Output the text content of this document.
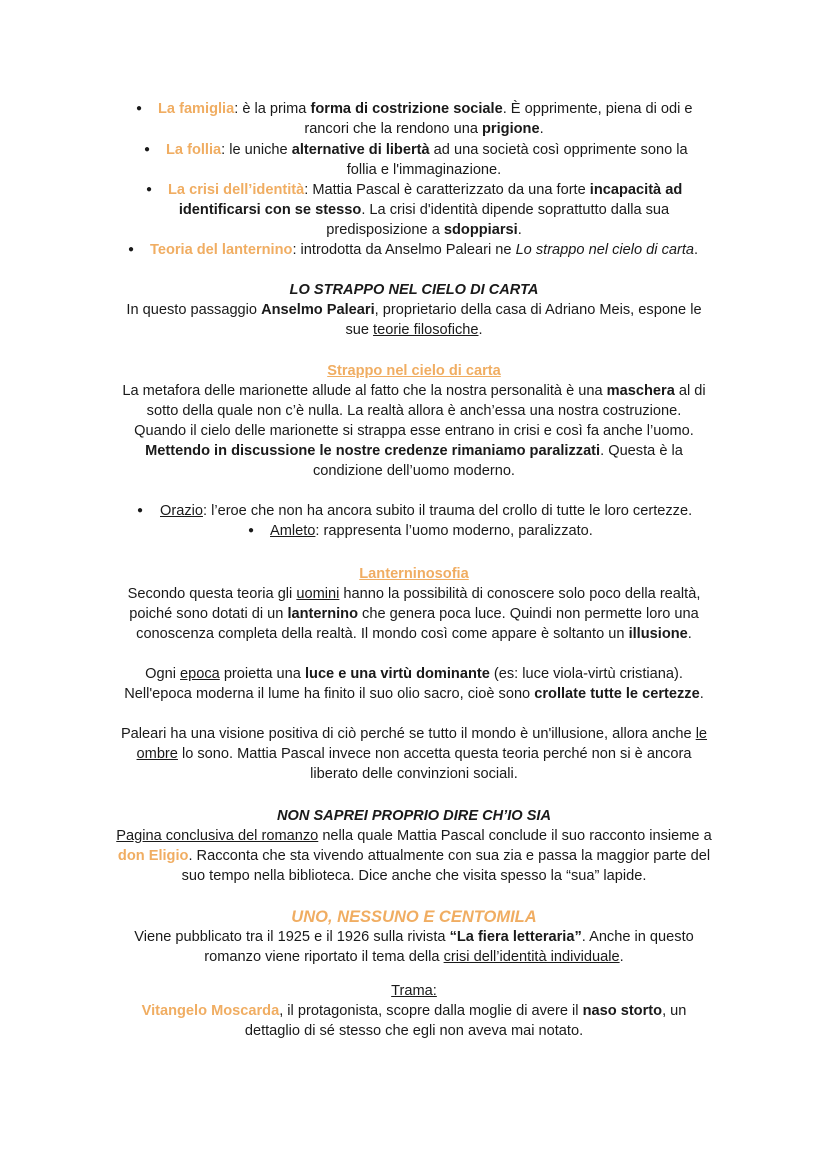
● La famiglia: è la prima forma di costrizione sociale. È opprimente, piena di odi e
rancori che la rendono una prigione.
● La follia: le uniche alternative di libertà ad una società così opprimente sono la
follia e l'immaginazione.
● La crisi dell’identità: Mattia Pascal è caratterizzato da una forte incapacità ad
identificarsi con se stesso. La crisi d'identità dipende soprattutto dalla sua
predisposizione a sdoppiarsi.
● Teoria del lanternino: introdotta da Anselmo Paleari ne Lo strappo nel cielo di carta.

LO STRAPPO NEL CIELO DI CARTA

In questo passaggio Anselmo Paleari, proprietario della casa di Adriano Meis, espone le

sue teorie filosofiche.

Strappo nel cielo di carta

La metafora delle marionette allude al fatto che la nostra personalità è una maschera al di

sotto della quale non c’è nulla. La realtà allora è anch’essa una nostra costruzione.

Quando il cielo delle marionette si strappa esse entrano in crisi e così fa anche l’uomo.

Mettendo in discussione le nostre credenze rimaniamo paralizzati. Questa è la

condizione dell’uomo moderno.

● Orazio: l’eroe che non ha ancora subito il trauma del crollo di tutte le loro certezze.
● Amleto: rappresenta l’uomo moderno, paralizzato.

Lanterninosofia

Secondo questa teoria gli uomini hanno la possibilità di conoscere solo poco della realtà,

poiché sono dotati di un lanternino che genera poca luce. Quindi non permette loro una

conoscenza completa della realtà. Il mondo così come appare è soltanto un illusione.

Ogni epoca proietta una luce e una virtù dominante (es: luce viola-virtù cristiana).

Nell'epoca moderna il lume ha finito il suo olio sacro, cioè sono crollate tutte le certezze.

Paleari ha una visione positiva di ciò perché se tutto il mondo è un'illusione, allora anche le

ombre lo sono. Mattia Pascal invece non accetta questa teoria perché non si è ancora

liberato delle convinzioni sociali.

NON SAPREI PROPRIO DIRE CH’IO SIA

Pagina conclusiva del romanzo nella quale Mattia Pascal conclude il suo racconto insieme a

don Eligio. Racconta che sta vivendo attualmente con sua zia e passa la maggior parte del

suo tempo nella biblioteca. Dice anche che visita spesso la “sua” lapide.

UNO, NESSUNO E CENTOMILA

Viene pubblicato tra il 1925 e il 1926 sulla rivista “La fiera letteraria”. Anche in questo

romanzo viene riportato il tema della crisi dell’identità individuale.

Trama:

Vitangelo Moscarda, il protagonista, scopre dalla moglie di avere il naso storto, un

dettaglio di sé stesso che egli non aveva mai notato.
